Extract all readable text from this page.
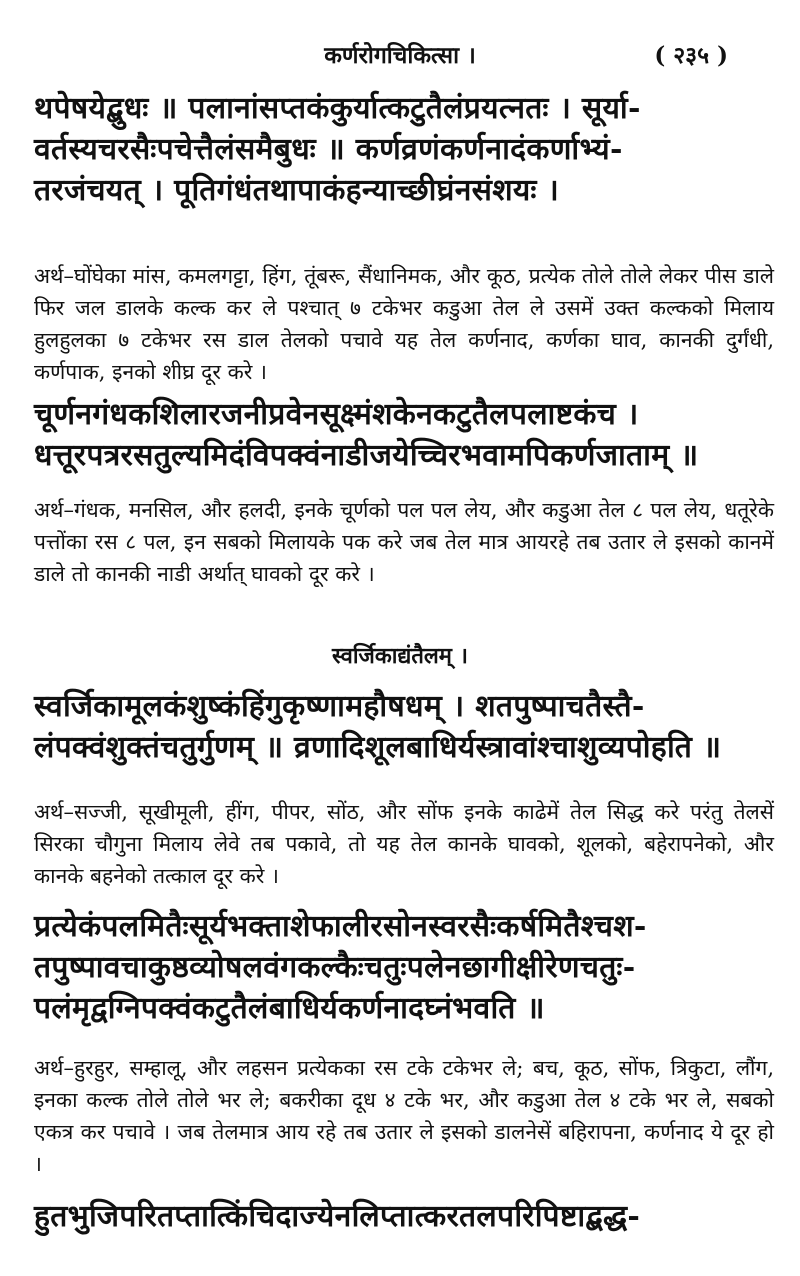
कर्णरोगचिकित्सा ।	( २३५ )
थपेषयेद्बुधः ॥ पलानांसप्तकंकुर्यात्कटुतैलंप्रयत्नतः । सूर्या-
वर्तस्यचरसैःपचेत्तैलंसमैबुधः ॥ कर्णव्रणंकर्णनादंकर्णाभ्यं-
तरजंचयत् । पूतिगंधंतथापाकंहन्याच्छीघ्रंनसंशयः ।
अर्थ–घोंघेका मांस, कमलगट्टा, हिंग, तूंबरू, सैंधानिमक, और कूठ, प्रत्येक तोले तोले लेकर पीस डाले फिर जल डालके कल्क कर ले पश्चात् ७ टकेभर कडुआ तेल ले उसमें उक्त कल्कको मिलाय हुलहुलका ७ टकेभर रस डाल तेलको पचावे यह तेल कर्णनाद, कर्णका घाव, कानकी दुर्गंधी, कर्णपाक, इनको शीघ्र दूर करे ।
चूर्णनगंधकशिलारजनीप्रवेनसूक्ष्मंशकेनकटुतैलपलाष्टकंच ।
धत्तूरपत्ररसतुल्यमिदंविपक्वंनाडीजयेच्चिरभवामपिकर्णजाताम् ॥
अर्थ–गंधक, मनसिल, और हलदी, इनके चूर्णको पल पल लेय, और कडुआ तेल ८ पल लेय, धतूरेके पत्तोंका रस ८ पल, इन सबको मिलायके पक करे जब तेल मात्र आयरहे तब उतार ले इसको कानमें डाले तो कानकी नाडी अर्थात् घावको दूर करे ।
स्वर्जिकाद्यंतैलम् ।
स्वर्जिकामूलकंशुष्कंहिंगुकृष्णामहौषधम् । शतपुष्पाचतैस्तै-
लंपक्वंशुक्तंचतुर्गुणम् ॥ व्रणादिशूलबाधिर्यस्त्रावांश्चाशुव्यपोहति ॥
अर्थ–सज्जी, सूखीमूली, हींग, पीपर, सोंठ, और सोंफ इनके काढेमें तेल सिद्ध करे परंतु तेलसें सिरका चौगुना मिलाय लेवे तब पकावे, तो यह तेल कानके घावको, शूलको, बहेरापनेको, और कानके बहनेको तत्काल दूर करे ।
प्रत्येकंपलमितैःसूर्यभक्ताशेफालीरसोनस्वरसैःकर्षमितैश्चश-
तपुष्पावचाकुष्ठव्योषलवंगकल्कैःचतुःपलेनछागीक्षीरेणचतुः-
पलंमृद्वग्निपक्वंकटुतैलंबाधिर्यकर्णनादघ्नंभवति ॥
अर्थ–हुरहुर, सम्हालू, और लहसन प्रत्येकका रस टके टकेभर ले; बच, कूठ, सोंफ, त्रिकुटा, लौंग, इनका कल्क तोले तोले भर ले; बकरीका दूध ४ टके भर, और कडुआ तेल ४ टके भर ले, सबको एकत्र कर पचावे । जब तेलमात्र आय रहे तब उतार ले इसको डालनेसें बहिरापना, कर्णनाद ये दूर हो ।
हुतभुजिपरितप्तात्किंचिदाज्येनलिप्तात्करतलपरिपिष्टाद्बद्ध-
